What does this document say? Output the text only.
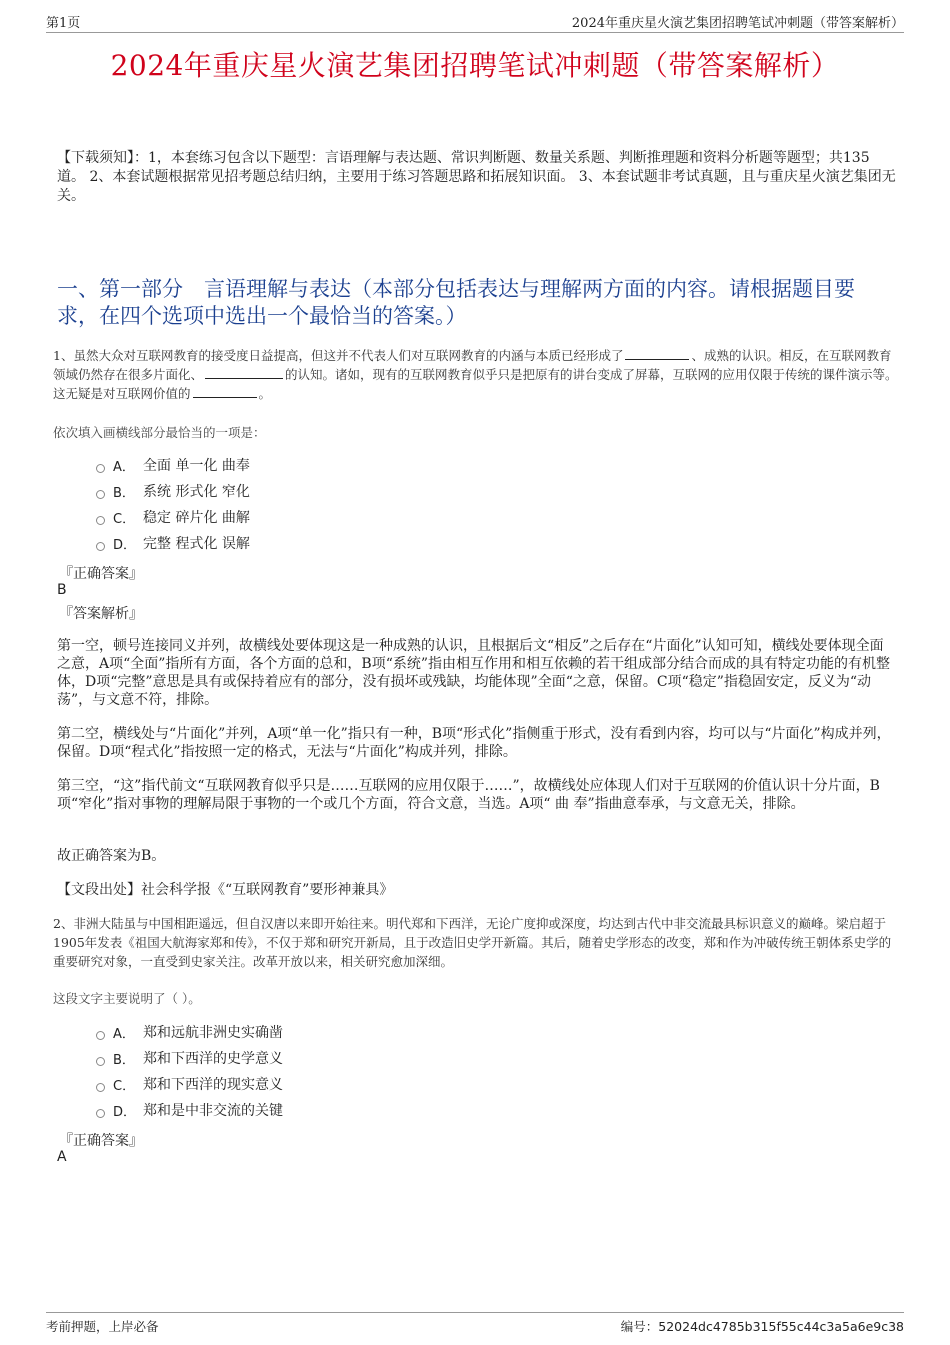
第1页	2024年重庆星火演艺集团招聘笔试冲刺题（带答案解析）
2024年重庆星火演艺集团招聘笔试冲刺题（带答案解析）
【下载须知】：1，本套练习包含以下题型：言语理解与表达题、常识判断题、数量关系题、判断推理题和资料分析题等题型；共135道。 2、本套试题根据常见招考题总结归纳，主要用于练习答题思路和拓展知识面。 3、本套试题非考试真题，且与重庆星火演艺集团无关。
一、第一部分　言语理解与表达（本部分包括表达与理解两方面的内容。请根据题目要求，在四个选项中选出一个最恰当的答案。）
1、虽然大众对互联网教育的接受度日益提高，但这并不代表人们对互联网教育的内涵与本质已经形成了	、成熟的认识。相反，在互联网教育领域仍然存在很多片面化、	的认知。诸如，现有的互联网教育似乎只是把原有的讲台变成了屏幕，互联网的应用仅限于传统的课件演示等。这无疑是对互联网价值的	。
依次填入画横线部分最恰当的一项是：
A． 全面 单一化 曲奉
B． 系统 形式化 窄化
C． 稳定 碎片化 曲解
D． 完整 程式化 误解
『正确答案』
B
『答案解析』
第一空，顿号连接同义并列，故横线处要体现这是一种成熟的认识，且根据后文“相反”之后存在“片面化”认知可知，横线处要体现全面之意，A项“全面”指所有方面，各个方面的总和，B项“系统”指由相互作用和相互依赖的若干组成部分结合而成的具有特定功能的有机整体，D项“完整”意思是具有或保持着应有的部分，没有损坏或残缺，均能体现”全面“之意，保留。C项“稳定”指稳固安定，反义为“动荡”，与文意不符，排除。
第二空，横线处与“片面化”并列，A项“单一化”指只有一种，B项“形式化”指侧重于形式，没有看到内容，均可以与“片面化”构成并列，保留。D项“程式化”指按照一定的格式，无法与“片面化”构成并列，排除。
第三空，“这”指代前文“互联网教育似乎只是……互联网的应用仅限于……”，故横线处应体现人们对于互联网的价值认识十分片面，B项“窄化”指对事物的理解局限于事物的一个或几个方面，符合文意，当选。A项“ 曲 奉”指曲意奉承，与文意无关，排除。
故正确答案为B。
【文段出处】社会科学报《“互联网教育”要形神兼具》
2、非洲大陆虽与中国相距遥远，但自汉唐以来即开始往来。明代郑和下西洋，无论广度抑或深度，均达到古代中非交流最具标识意义的巅峰。梁启超于1905年发表《祖国大航海家郑和传》，不仅于郑和研究开新局，且于改造旧史学开新篇。其后，随着史学形态的改变，郑和作为冲破传统王朝体系史学的重要研究对象，一直受到史家关注。改革开放以来，相关研究愈加深细。
这段文字主要说明了（ ）。
A． 郑和远航非洲史实确凿
B． 郑和下西洋的史学意义
C． 郑和下西洋的现实意义
D． 郑和是中非交流的关键
『正确答案』
A
考前押题，上岸必备	编号：52024dc4785b315f55c44c3a5a6e9c38
